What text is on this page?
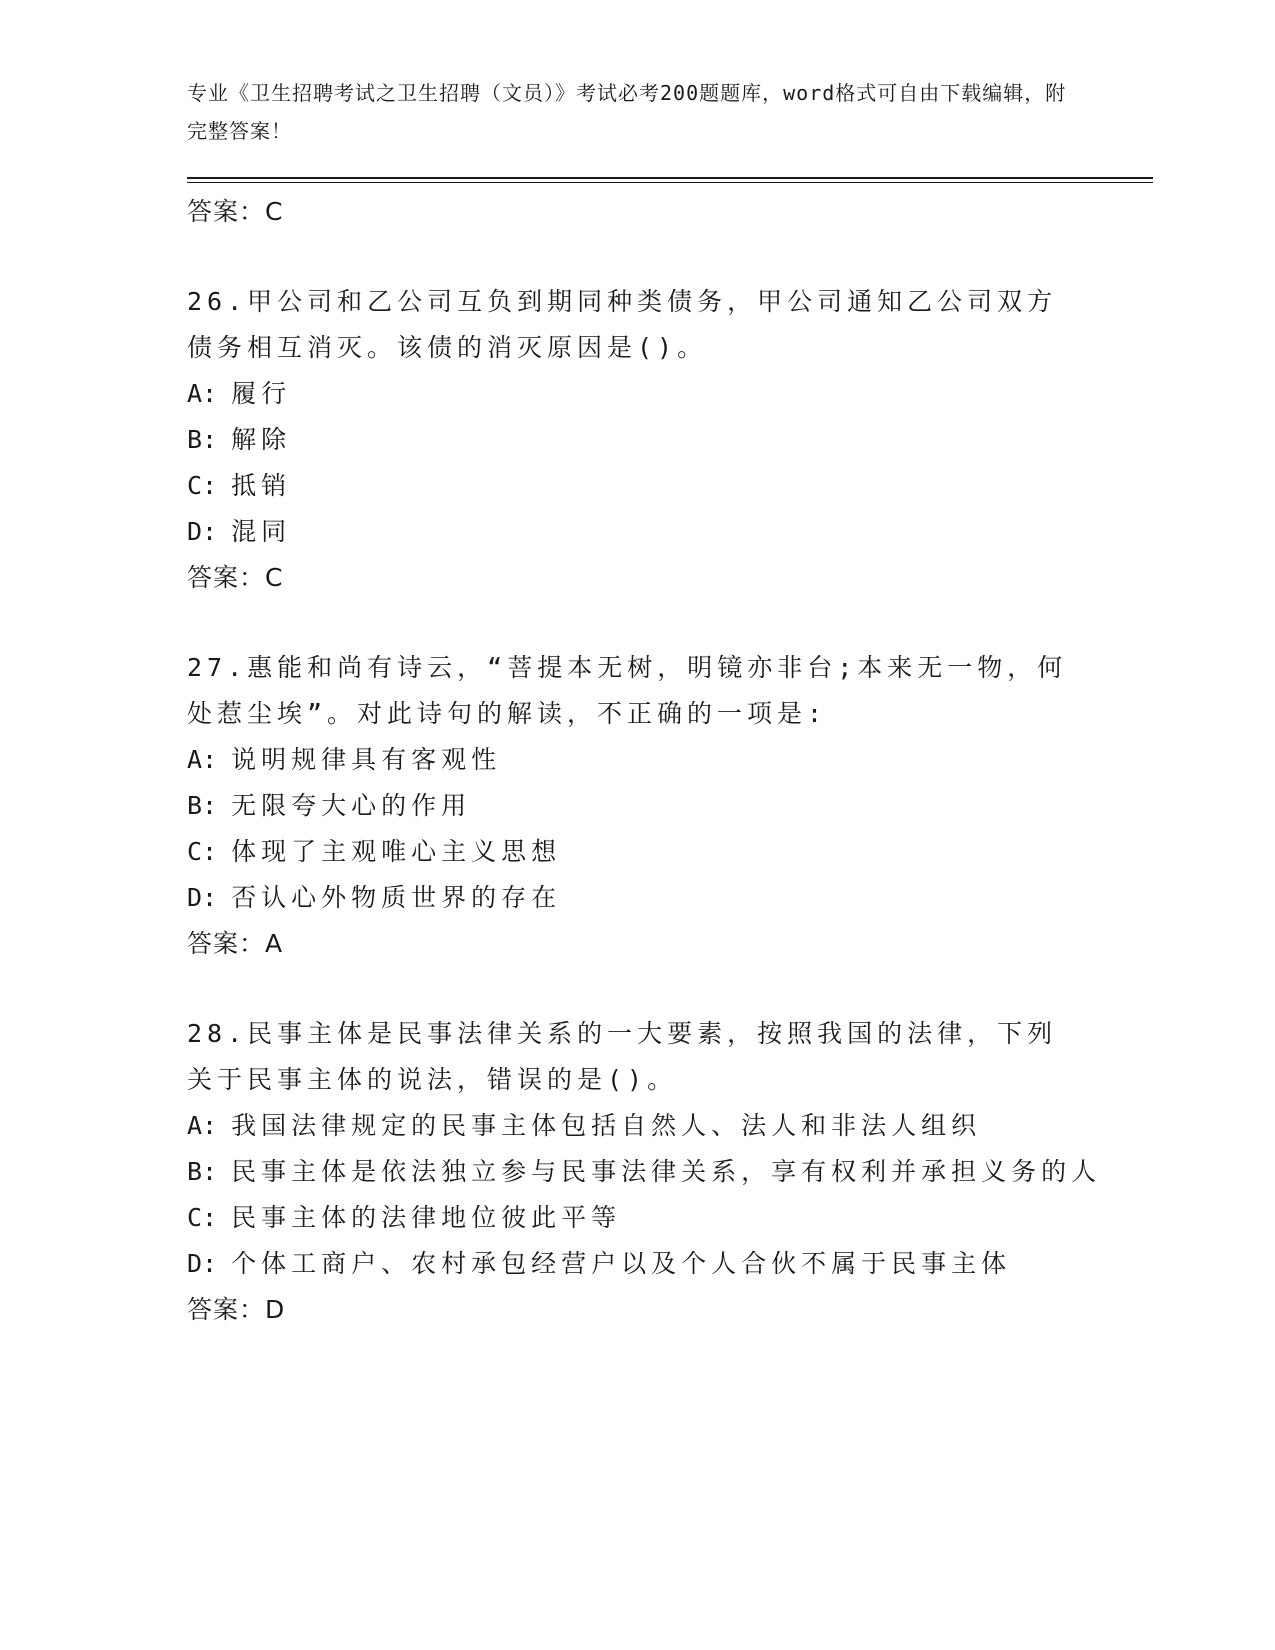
专业《卫生招聘考试之卫生招聘（文员）》考试必考200题题库，word格式可自由下载编辑，附完整答案！

答案：C

26.甲公司和乙公司互负到期同种类债务，甲公司通知乙公司双方债务相互消灭。该债的消灭原因是()。

A: 履行

B: 解除

C: 抵销

D: 混同

答案：C

27.惠能和尚有诗云，“菩提本无树，明镜亦非台;本来无一物，何处惹尘埃”。对此诗句的解读，不正确的一项是:

A: 说明规律具有客观性

B: 无限夸大心的作用

C: 体现了主观唯心主义思想

D: 否认心外物质世界的存在

答案：A

28.民事主体是民事法律关系的一大要素，按照我国的法律，下列关于民事主体的说法，错误的是()。

A: 我国法律规定的民事主体包括自然人、法人和非法人组织

B: 民事主体是依法独立参与民事法律关系，享有权利并承担义务的人

C: 民事主体的法律地位彼此平等

D: 个体工商户、农村承包经营户以及个人合伙不属于民事主体

答案：D
